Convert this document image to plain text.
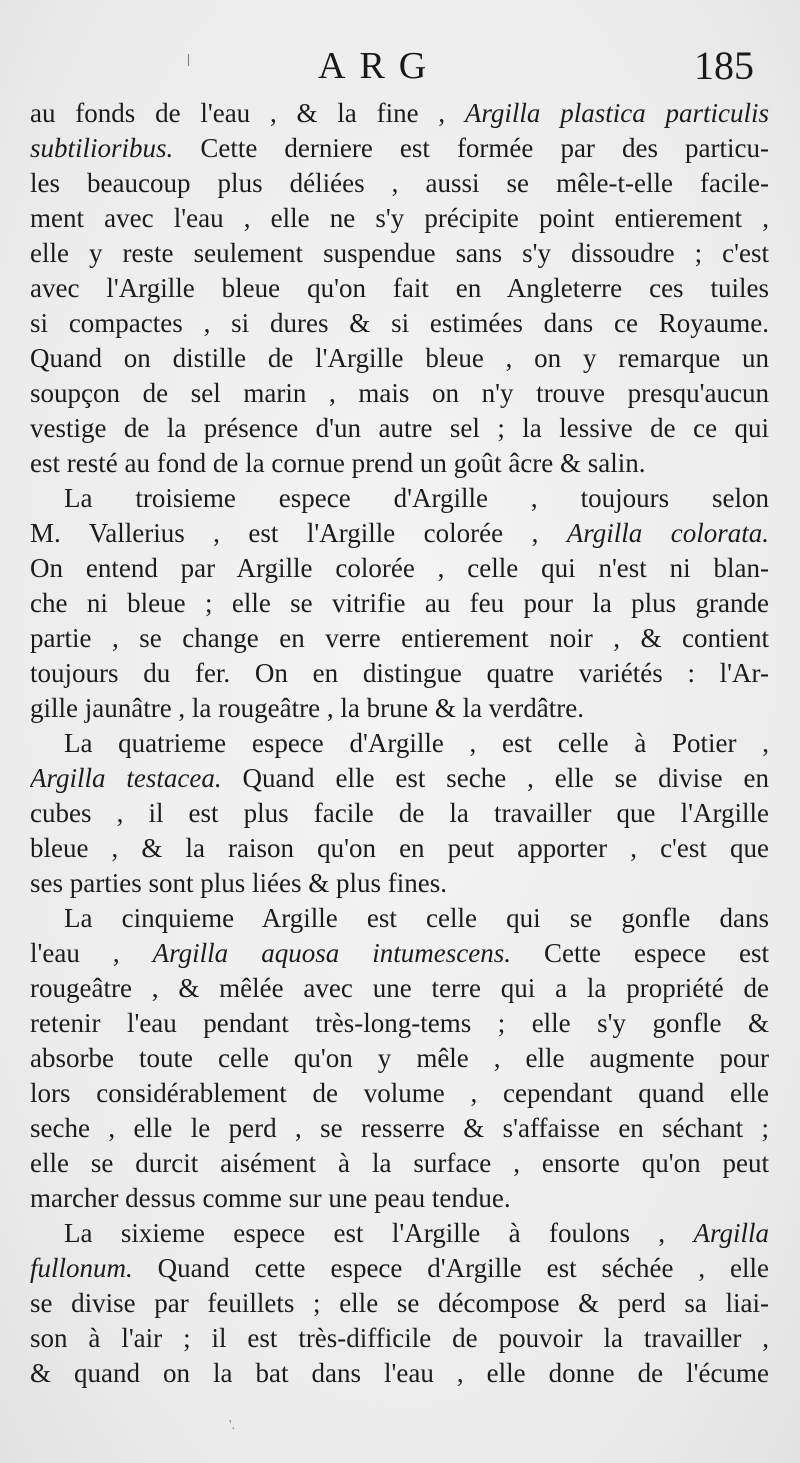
ARG	185
au fonds de l'eau , & la fine , Argilla plastica particulis
subtilioribus. Cette derniere est formée par des particu-
les beaucoup plus déliées , aussi se mêle-t-elle facile-
ment avec l'eau , elle ne s'y précipite point entierement ,
elle y reste seulement suspendue sans s'y dissoudre ; c'est
avec l'Argille bleue qu'on fait en Angleterre ces tuiles
si compactes , si dures & si estimées dans ce Royaume.
Quand on distille de l'Argille bleue , on y remarque un
soupçon de sel marin , mais on n'y trouve presqu'aucun
vestige de la présence d'un autre sel ; la lessive de ce qui
est resté au fond de la cornue prend un goût âcre & salin.
La troisieme espece d'Argille , toujours selon
M. Vallerius , est l'Argille colorée , Argilla colorata.
On entend par Argille colorée , celle qui n'est ni blan-
che ni bleue ; elle se vitrifie au feu pour la plus grande
partie , se change en verre entierement noir , & contient
toujours du fer. On en distingue quatre variétés : l'Ar-
gille jaunâtre , la rougeâtre , la brune & la verdâtre.
La quatrieme espece d'Argille , est celle à Potier ,
Argilla testacea. Quand elle est seche , elle se divise en
cubes , il est plus facile de la travailler que l'Argille
bleue , & la raison qu'on en peut apporter , c'est que
ses parties sont plus liées & plus fines.
La cinquieme Argille est celle qui se gonfle dans
l'eau , Argilla aquosa intumescens. Cette espece est
rougeâtre , & mêlée avec une terre qui a la propriété de
retenir l'eau pendant très-long-tems ; elle s'y gonfle &
absorbe toute celle qu'on y mêle , elle augmente pour
lors considérablement de volume , cependant quand elle
seche , elle le perd , se resserre & s'affaisse en séchant ;
elle se durcit aisément à la surface , ensorte qu'on peut
marcher dessus comme sur une peau tendue.
La sixieme espece est l'Argille à foulons , Argilla
fullonum. Quand cette espece d'Argille est séchée , elle
se divise par feuillets ; elle se décompose & perd sa liai-
son à l'air ; il est très-difficile de pouvoir la travailler ,
& quand on la bat dans l'eau , elle donne de l'écume
'.
